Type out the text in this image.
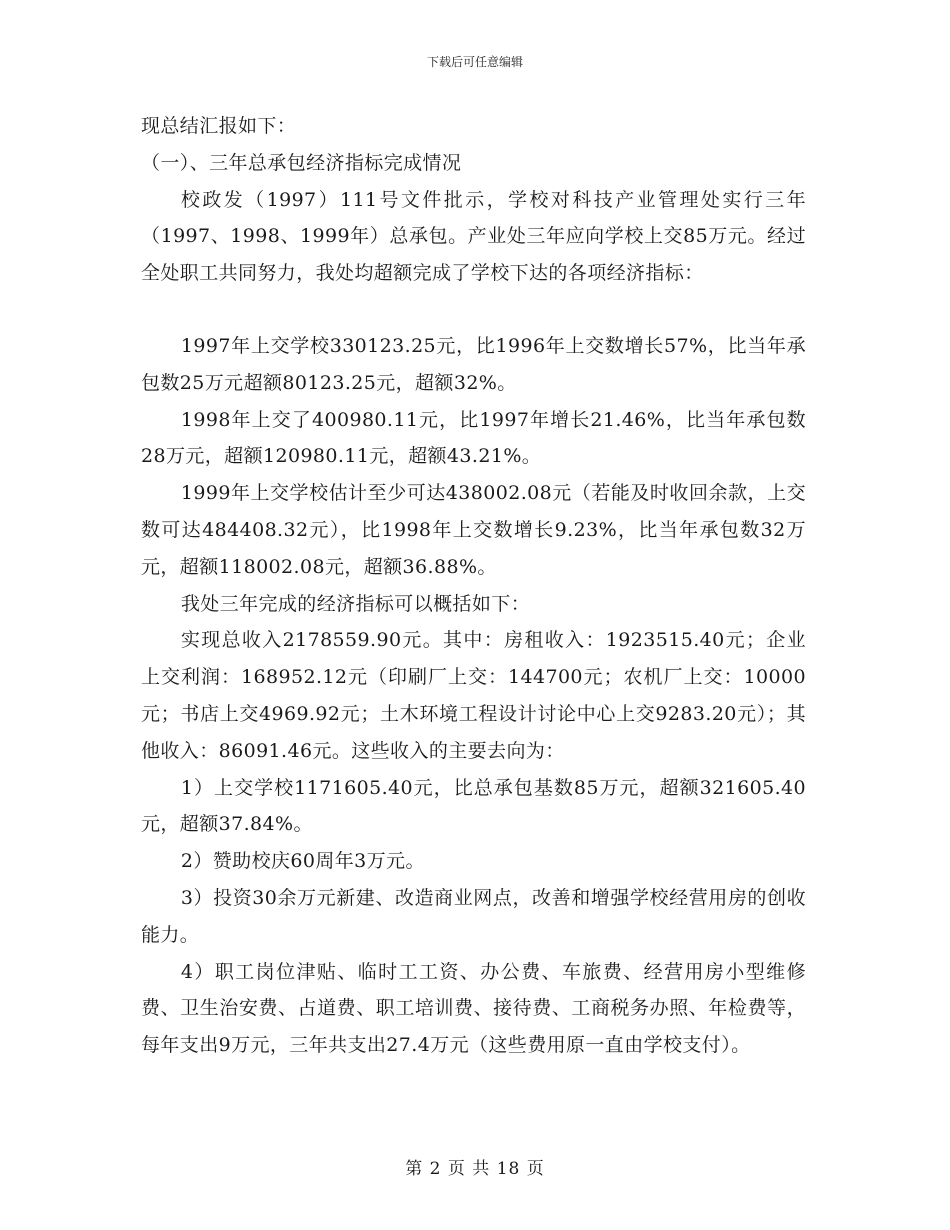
下载后可任意编辑

现总结汇报如下：

（一）、三年总承包经济指标完成情况

校政发（1997）111号文件批示，学校对科技产业管理处实行三年（1997、1998、1999年）总承包。产业处三年应向学校上交85万元。经过全处职工共同努力，我处均超额完成了学校下达的各项经济指标：

1997年上交学校330123.25元，比1996年上交数增长57%，比当年承包数25万元超额80123.25元，超额32%。

1998年上交了400980.11元，比1997年增长21.46%，比当年承包数28万元，超额120980.11元，超额43.21%。

1999年上交学校估计至少可达438002.08元（若能及时收回余款，上交数可达484408.32元），比1998年上交数增长9.23%，比当年承包数32万元，超额118002.08元，超额36.88%。

我处三年完成的经济指标可以概括如下：

实现总收入2178559.90元。其中：房租收入：1923515.40元；企业上交利润：168952.12元（印刷厂上交：144700元；农机厂上交：10000元；书店上交4969.92元；土木环境工程设计讨论中心上交9283.20元）；其他收入：86091.46元。这些收入的主要去向为：

1）上交学校1171605.40元，比总承包基数85万元，超额321605.40元，超额37.84%。

2）赞助校庆60周年3万元。

3）投资30余万元新建、改造商业网点，改善和增强学校经营用房的创收能力。

4）职工岗位津贴、临时工工资、办公费、车旅费、经营用房小型维修费、卫生治安费、占道费、职工培训费、接待费、工商税务办照、年检费等，每年支出9万元，三年共支出27.4万元（这些费用原一直由学校支付）。

第 2 页 共 18 页
